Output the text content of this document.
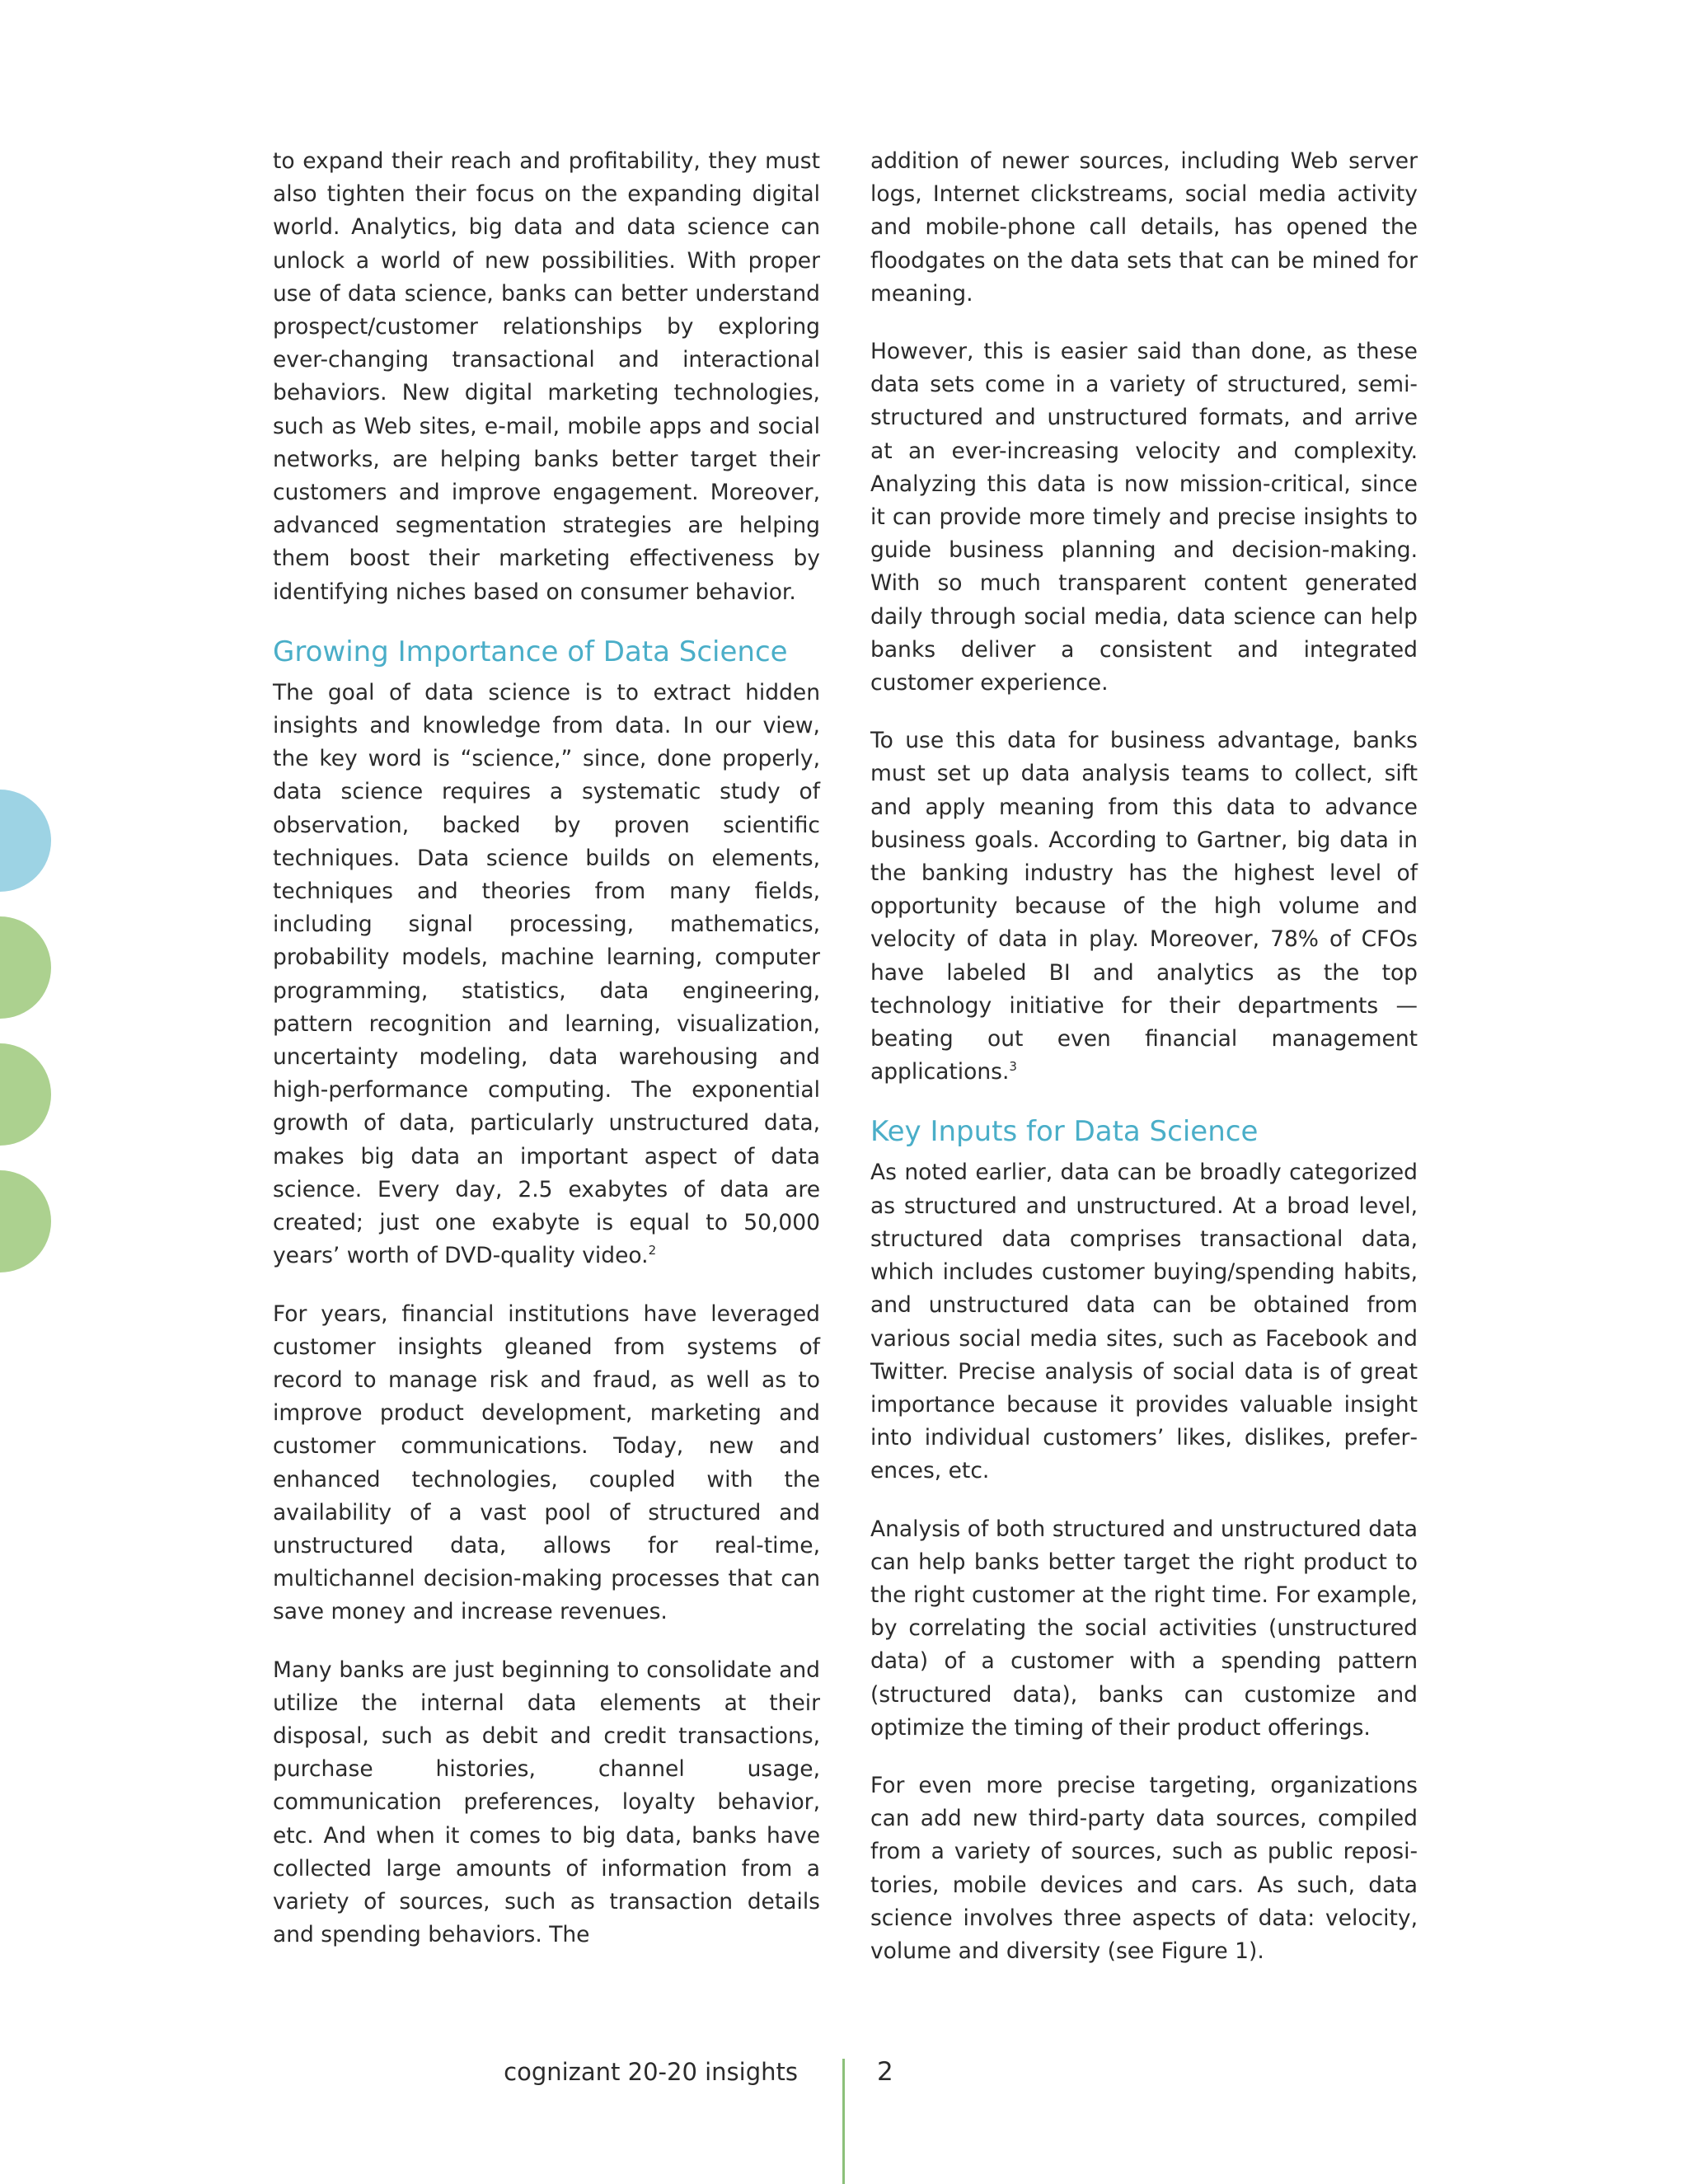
to expand their reach and profitability, they must also tighten their focus on the expanding digital world. Analytics, big data and data science can unlock a world of new possibilities. With proper use of data science, banks can better understand prospect/customer relationships by exploring ever-changing transactional and interactional behaviors. New digital marketing technologies, such as Web sites, e-mail, mobile apps and social networks, are helping banks better target their customers and improve engagement. Moreover, advanced segmentation strategies are helping them boost their marketing effectiveness by identifying niches based on consumer behavior.

Growing Importance of Data Science

The goal of data science is to extract hidden insights and knowledge from data. In our view, the key word is “science,” since, done properly, data science requires a systematic study of observation, backed by proven scientific techniques. Data science builds on elements, techniques and theories from many fields, including signal processing, mathematics, probability models, machine learning, computer programming, statistics, data engineering, pattern recognition and learning, visualization, uncertainty modeling, data warehousing and high-performance computing. The exponential growth of data, particularly unstructured data, makes big data an important aspect of data science. Every day, 2.5 exabytes of data are created; just one exabyte is equal to 50,000 years’ worth of DVD-quality video.$^2$

For years, financial institutions have leveraged customer insights gleaned from systems of record to manage risk and fraud, as well as to improve product development, marketing and customer communications. Today, new and enhanced technologies, coupled with the availability of a vast pool of structured and unstructured data, allows for real-time, multichannel decision-making processes that can save money and increase revenues.

Many banks are just beginning to consolidate and utilize the internal data elements at their disposal, such as debit and credit transactions, purchase histories, channel usage, communication preferences, loyalty behavior, etc. And when it comes to big data, banks have collected large amounts of information from a variety of sources, such as transaction details and spending behaviors. The

addition of newer sources, including Web server logs, Internet clickstreams, social media activity and mobile-phone call details, has opened the floodgates on the data sets that can be mined for meaning.

However, this is easier said than done, as these data sets come in a variety of structured, semi-structured and unstructured formats, and arrive at an ever-increasing velocity and complexity. Analyzing this data is now mission-critical, since it can provide more timely and precise insights to guide business planning and decision-making. With so much transparent content generated daily through social media, data science can help banks deliver a consistent and integrated customer experience.

To use this data for business advantage, banks must set up data analysis teams to collect, sift and apply meaning from this data to advance business goals. According to Gartner, big data in the banking industry has the highest level of opportunity because of the high volume and velocity of data in play. Moreover, 78% of CFOs have labeled BI and analytics as the top technology initiative for their departments — beating out even financial management applications.$^3$

Key Inputs for Data Science

As noted earlier, data can be broadly categorized as structured and unstructured. At a broad level, structured data comprises transactional data, which includes customer buying/spending habits, and unstructured data can be obtained from various social media sites, such as Facebook and Twitter. Precise analysis of social data is of great importance because it provides valuable insight into individual customers’ likes, dislikes, preferences, etc.

Analysis of both structured and unstructured data can help banks better target the right product to the right customer at the right time. For example, by correlating the social activities (unstructured data) of a customer with a spending pattern (structured data), banks can customize and optimize the timing of their product offerings.

For even more precise targeting, organizations can add new third-party data sources, compiled from a variety of sources, such as public repositories, mobile devices and cars. As such, data science involves three aspects of data: velocity, volume and diversity (see Figure 1).

cognizant 20-20 insights	2
